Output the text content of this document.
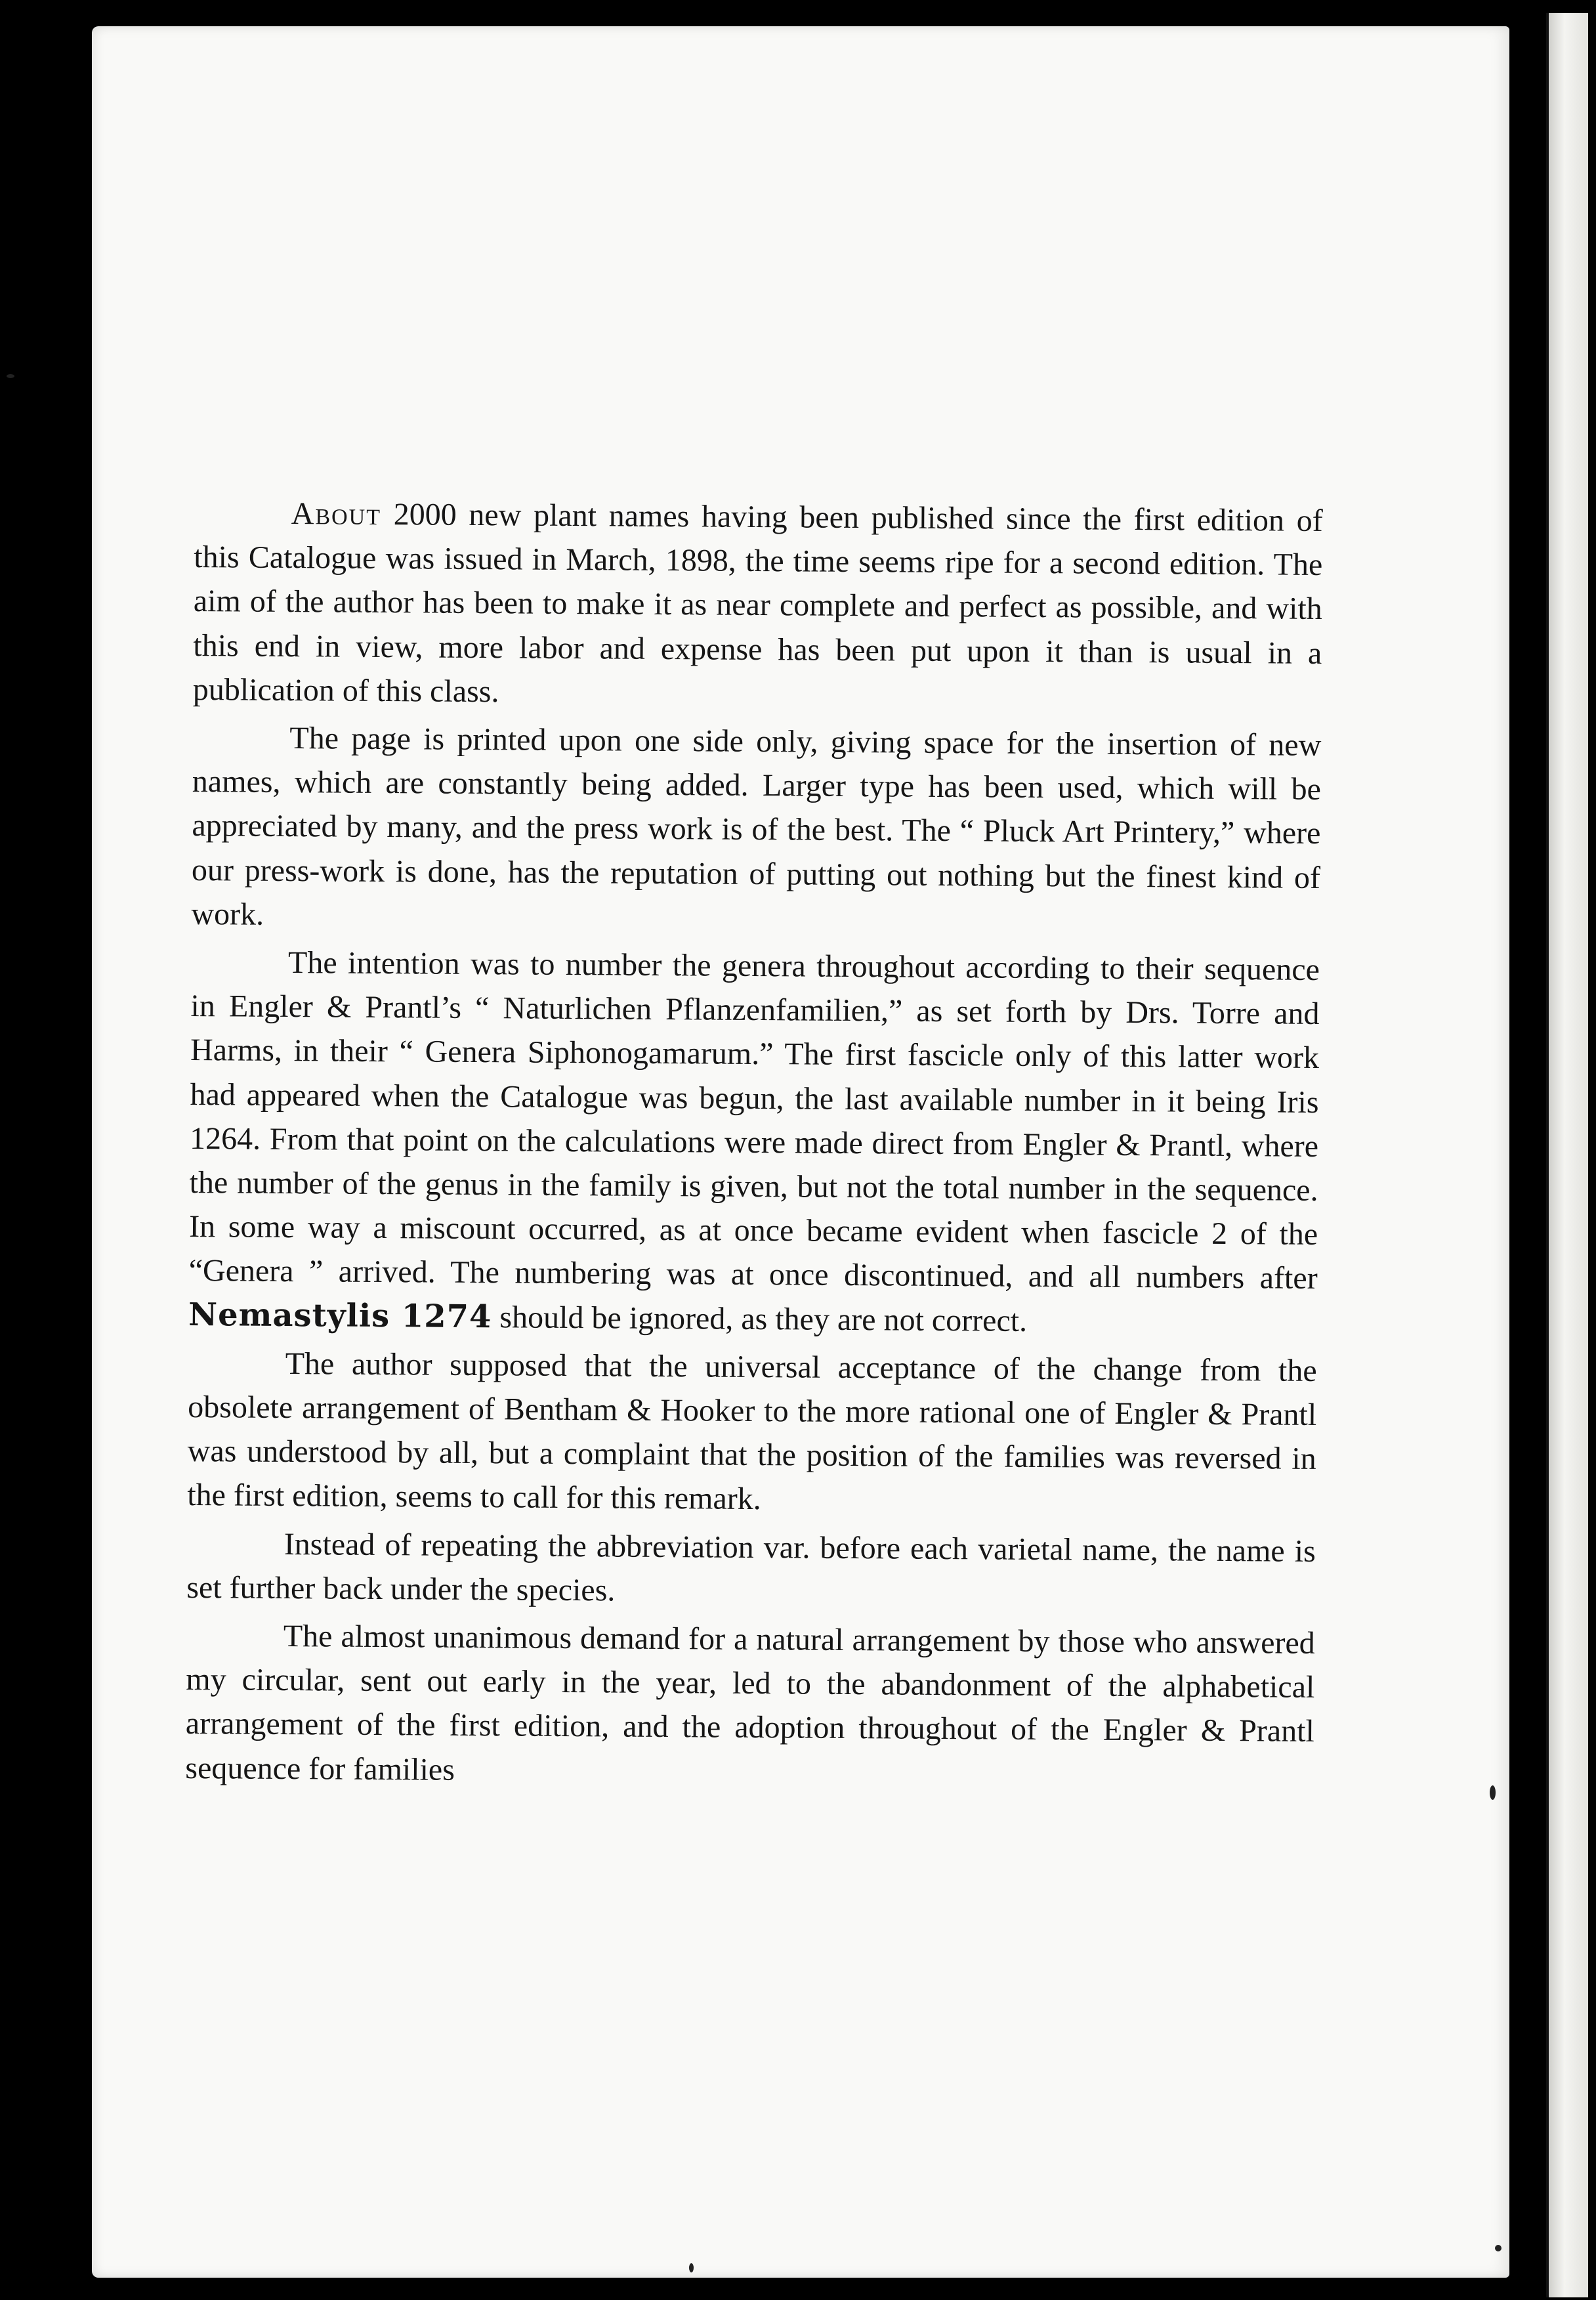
About 2000 new plant names having been published since the first edition of this Catalogue was issued in March, 1898, the time seems ripe for a second edition. The aim of the author has been to make it as near complete and perfect as possible, and with this end in view, more labor and expense has been put upon it than is usual in a publication of this class.

The page is printed upon one side only, giving space for the insertion of new names, which are constantly being added. Larger type has been used, which will be appreciated by many, and the press work is of the best. The “ Pluck Art Printery,” where our press-work is done, has the reputation of putting out nothing but the finest kind of work.

The intention was to number the genera throughout according to their sequence in Engler & Prantl’s “ Naturlichen Pflanzenfamilien,” as set forth by Drs. Torre and Harms, in their “ Genera Siphonogamarum.” The first fascicle only of this latter work had appeared when the Catalogue was begun, the last available number in it being Iris 1264. From that point on the calculations were made direct from Engler & Prantl, where the number of the genus in the family is given, but not the total number in the sequence. In some way a miscount occurred, as at once became evident when fascicle 2 of the “Genera ” arrived. The numbering was at once discontinued, and all numbers after Nemastylis 1274 should be ignored, as they are not correct.

The author supposed that the universal acceptance of the change from the obsolete arrangement of Bentham & Hooker to the more rational one of Engler & Prantl was understood by all, but a complaint that the position of the families was reversed in the first edition, seems to call for this remark.

Instead of repeating the abbreviation var. before each varietal name, the name is set further back under the species.

The almost unanimous demand for a natural arrangement by those who answered my circular, sent out early in the year, led to the abandonment of the alphabetical arrangement of the first edition, and the adoption throughout of the Engler & Prantl sequence for families
